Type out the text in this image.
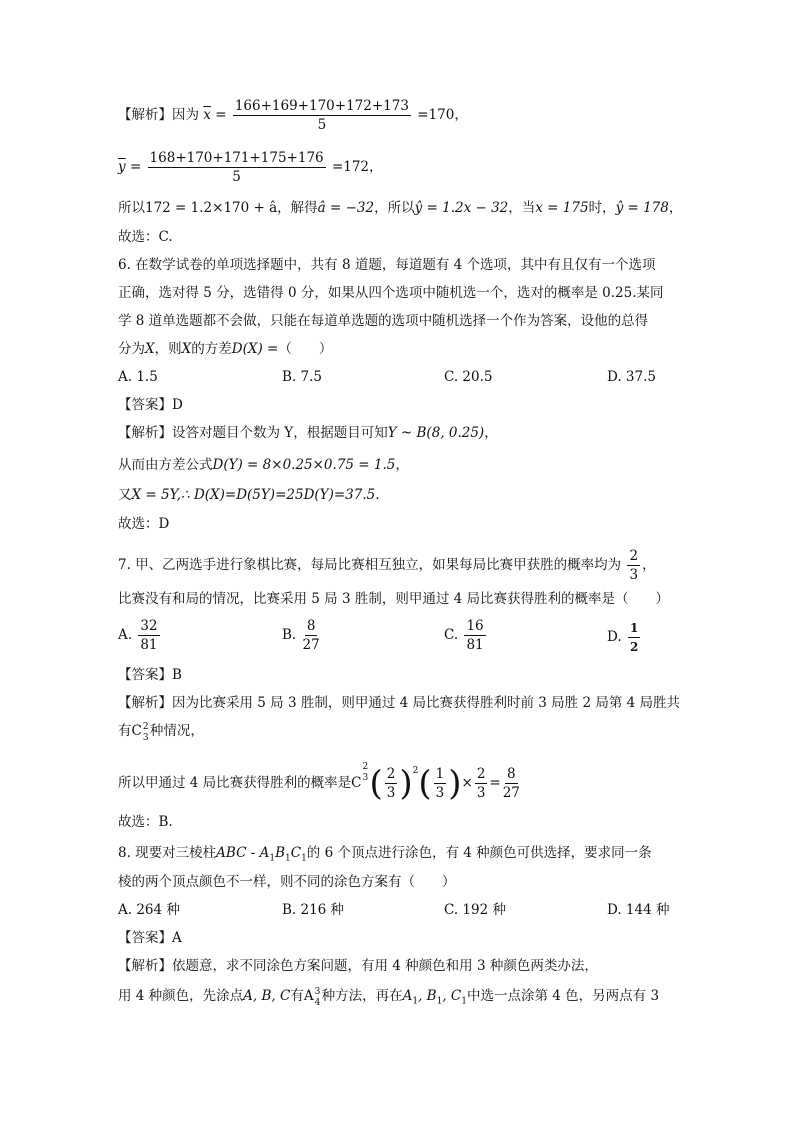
【解析】因为 $\overline{x} = \frac{166+169+170+172+173}{5} =170$，
$\overline{y} = \frac{168+170+171+175+176}{5} =172$，
所以172 = 1.2×170 + â，解得â = −32，所以ŷ = 1.2x − 32，当x = 175时，ŷ = 178，
故选：C.
6. 在数学试卷的单项选择题中，共有 8 道题，每道题有 4 个选项，其中有且仅有一个选项
正确，选对得 5 分，选错得 0 分，如果从四个选项中随机选一个，选对的概率是 0.25.某同
学 8 道单选题都不会做，只能在每道单选题的选项中随机选择一个作为答案，设他的总得
分为X，则X的方差D(X) =（　　）
A. 1.5	B. 7.5	C. 20.5	D. 37.5
【答案】D
【解析】设答对题目个数为 Y，根据题目可知Y ~ B(8, 0.25)，
从而由方差公式D(Y) = 8×0.25×0.75 = 1.5，
又X = 5Y,∴ D(X)=D(5Y)=25D(Y)=37.5.
故选：D
7. 甲、乙两选手进行象棋比赛，每局比赛相互独立，如果每局比赛甲获胜的概率均为 $\frac{2}{3}$ ，
比赛没有和局的情况，比赛采用 5 局 3 胜制，则甲通过 4 局比赛获得胜利的概率是（　　）
A. $\frac{32}{81}$	B. $\frac{8}{27}$	C. $\frac{16}{81}$	D. $\frac{1}{2}$
【答案】B
【解析】因为比赛采用 5 局 3 胜制，则甲通过 4 局比赛获得胜利时前 3 局胜 2 局第 4 局胜共
有C 2
3 种情况，
所以甲通过 4 局比赛获得胜利的概率是C
2
3 ( $\frac{2}{3} )^2( \frac{1}{3}$ )× $\frac{2}{3} = \frac{8}{27}$
故选：B.
8. 现要对三棱柱ABC - $A_1B_1C_1$的 6 个顶点进行涂色，有 4 种颜色可供选择，要求同一条
棱的两个顶点颜色不一样，则不同的涂色方案有（　　）
A. 264 种	B. 216 种	C. 192 种	D. 144 种
【答案】A
【解析】依题意，求不同涂色方案问题，有用 4 种颜色和用 3 种颜色两类办法，
用 4 种颜色，先涂点A, B, C有A 3
4 种方法，再在$A_1$, $B_1$, $C_1$中选一点涂第 4 色，另两点有 3
